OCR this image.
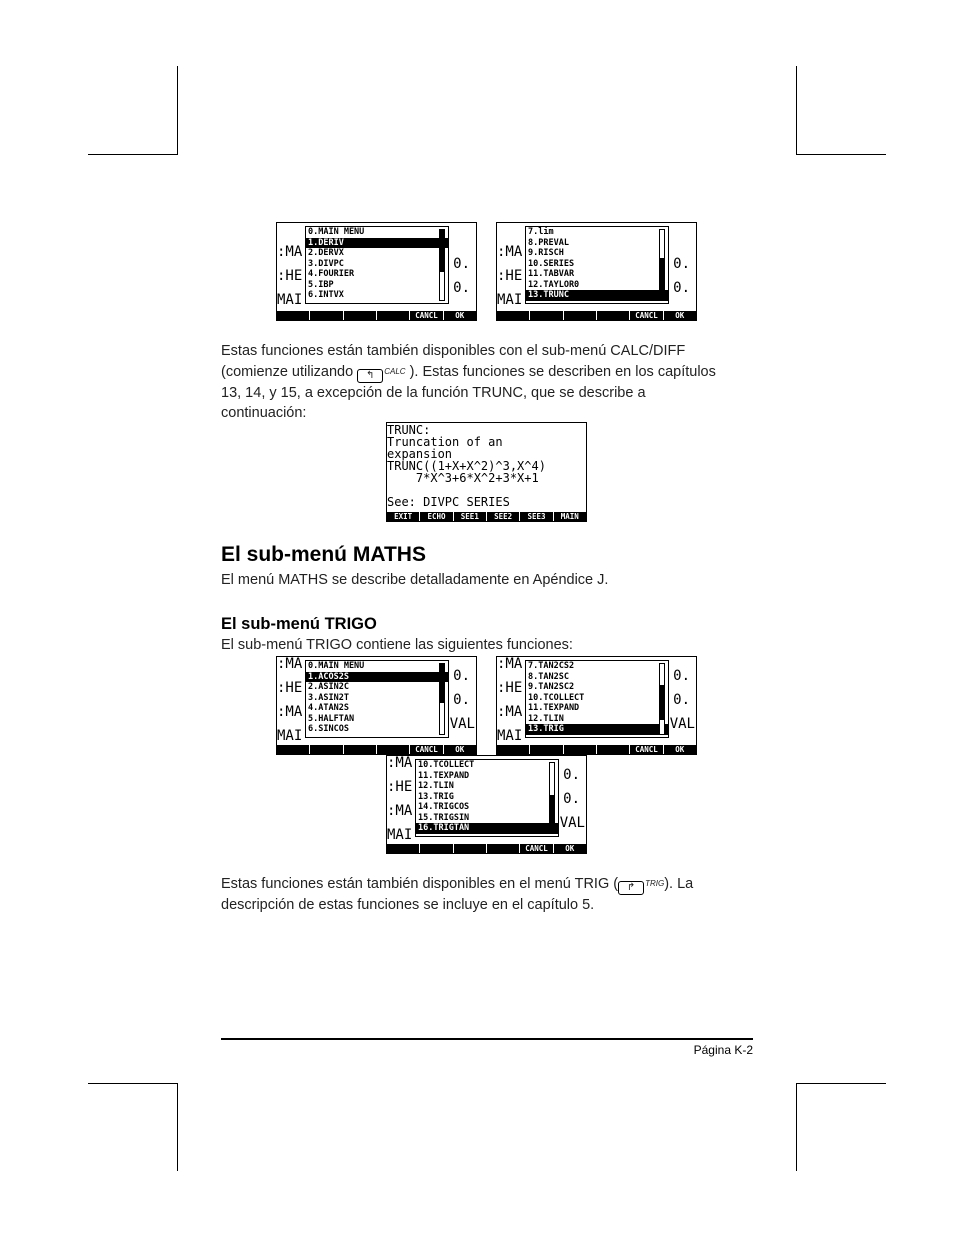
:MA
:HE
MAI
0.
0.
0.MAIN MENU
1.DERIV
2.DERVX
3.DIVPC
4.FOURIER
5.IBP
6.INTVX
CANCL	OK
:MA
:HE
MAI
0.
0.
7.lim
8.PREVAL
9.RISCH
10.SERIES
11.TABVAR
12.TAYLOR0
13.TRUNC
CANCL	OK
Estas funciones están también disponibles con el sub-menú CALC/DIFF
(comienze utilizando ↰ CALC ). Estas funciones se describen en los capítulos
13, 14, y 15, a excepción de la función TRUNC, que se describe a
continuación:
TRUNC:
Truncation of an
expansion
TRUNC((1+X+X^2)^3,X^4)
7*X^3+6*X^2+3*X+1
See: DIVPC SERIES
EXIT	ECHO	SEE1	SEE2	SEE3	MAIN
El sub-menú MATHS
El menú MATHS se describe detalladamente en Apéndice J.
El sub-menú TRIGO
El sub-menú TRIGO contiene las siguientes funciones:
:MA
:HE
:MA
MAI
0.
0.
VAL
0.MAIN MENU
1.ACOS2S
2.ASIN2C
3.ASIN2T
4.ATAN2S
5.HALFTAN
6.SINCOS
CANCL	OK
:MA
:HE
:MA
MAI
0.
0.
VAL
7.TAN2CS2
8.TAN2SC
9.TAN2SC2
10.TCOLLECT
11.TEXPAND
12.TLIN
13.TRIG
CANCL	OK
:MA
:HE
:MA
MAI
0.
0.
VAL
10.TCOLLECT
11.TEXPAND
12.TLIN
13.TRIG
14.TRIGCOS
15.TRIGSIN
16.TRIGTAN
CANCL	OK
Estas funciones están también disponibles en el menú TRIG ( ↱ TRIG). La
descripción de estas funciones se incluye en el capítulo 5.
Página K-2
